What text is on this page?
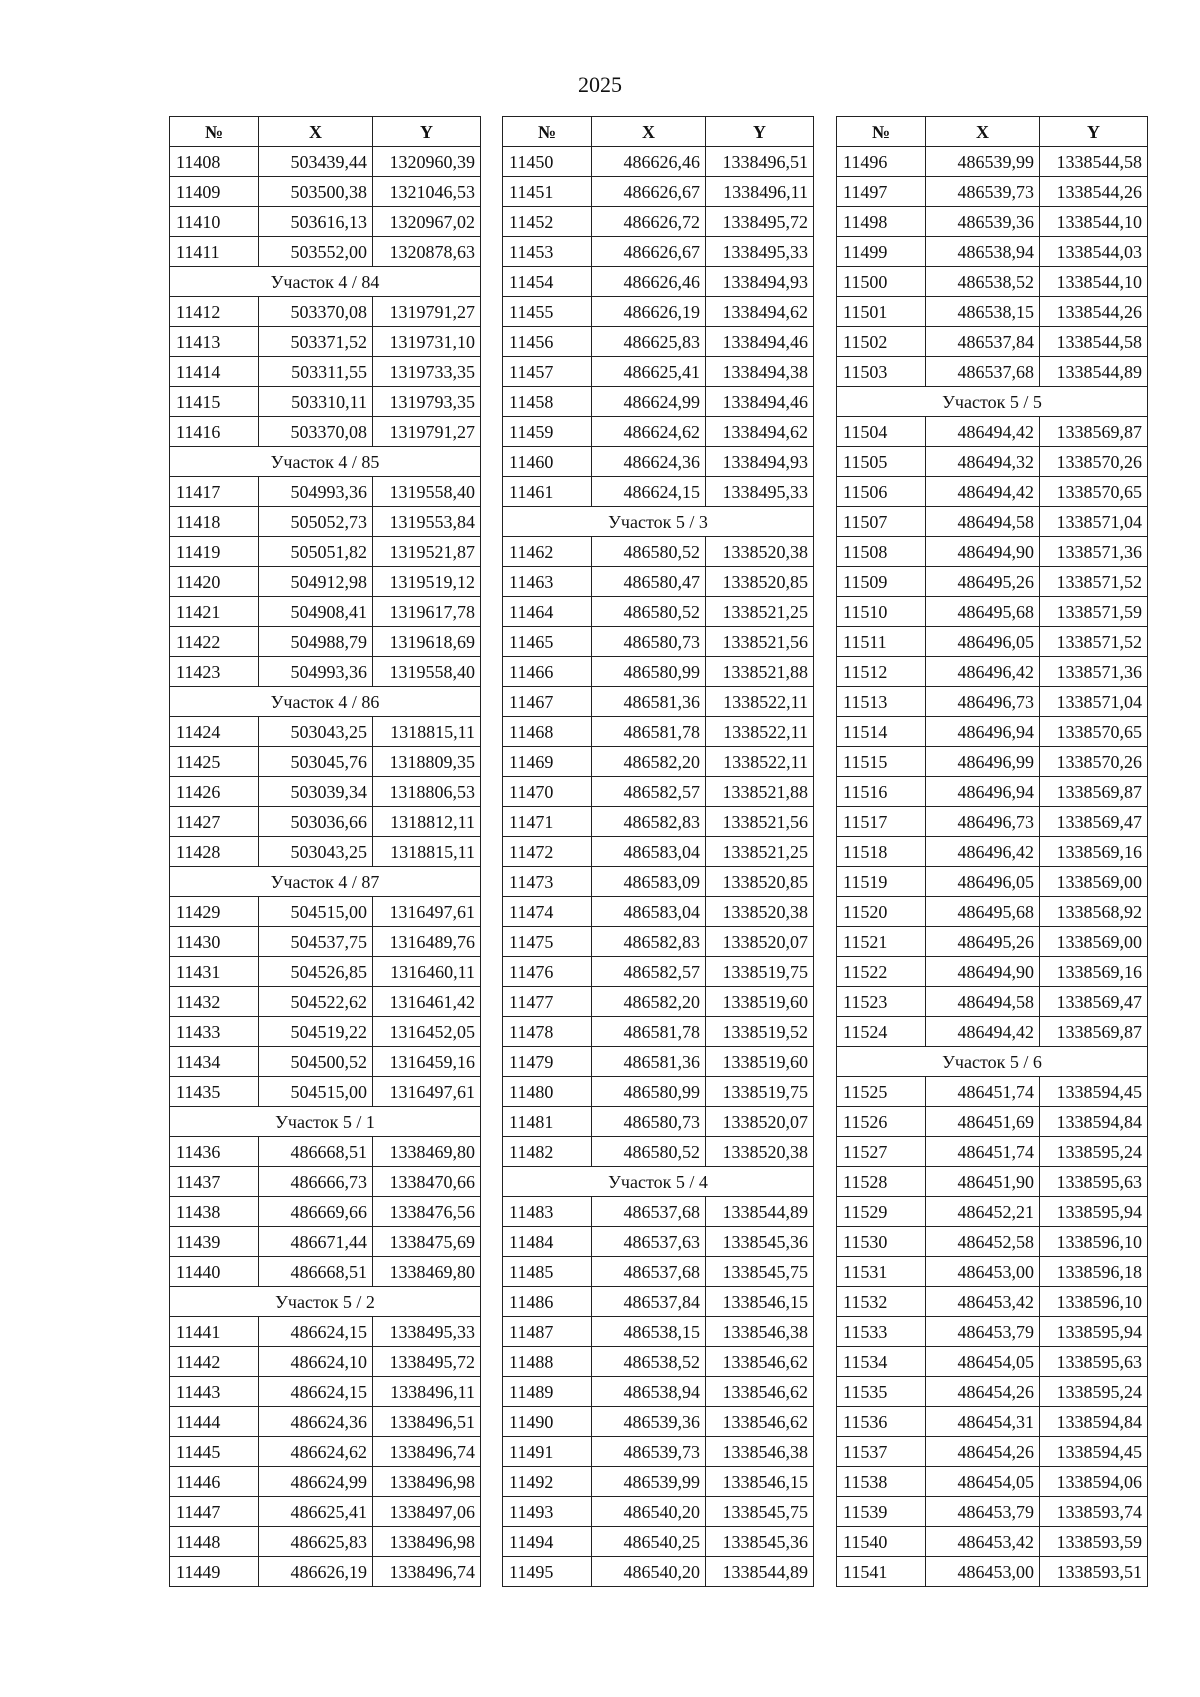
2025
№	X	Y
11408	503439,44	1320960,39
11409	503500,38	1321046,53
11410	503616,13	1320967,02
11411	503552,00	1320878,63
Участок 4 / 84		
11412	503370,08	1319791,27
11413	503371,52	1319731,10
11414	503311,55	1319733,35
11415	503310,11	1319793,35
11416	503370,08	1319791,27
Участок 4 / 85		
11417	504993,36	1319558,40
11418	505052,73	1319553,84
11419	505051,82	1319521,87
11420	504912,98	1319519,12
11421	504908,41	1319617,78
11422	504988,79	1319618,69
11423	504993,36	1319558,40
Участок 4 / 86		
11424	503043,25	1318815,11
11425	503045,76	1318809,35
11426	503039,34	1318806,53
11427	503036,66	1318812,11
11428	503043,25	1318815,11
Участок 4 / 87		
11429	504515,00	1316497,61
11430	504537,75	1316489,76
11431	504526,85	1316460,11
11432	504522,62	1316461,42
11433	504519,22	1316452,05
11434	504500,52	1316459,16
11435	504515,00	1316497,61
Участок 5 / 1		
11436	486668,51	1338469,80
11437	486666,73	1338470,66
11438	486669,66	1338476,56
11439	486671,44	1338475,69
11440	486668,51	1338469,80
Участок 5 / 2		
11441	486624,15	1338495,33
11442	486624,10	1338495,72
11443	486624,15	1338496,11
11444	486624,36	1338496,51
11445	486624,62	1338496,74
11446	486624,99	1338496,98
11447	486625,41	1338497,06
11448	486625,83	1338496,98
11449	486626,19	1338496,74
№	X	Y
11450	486626,46	1338496,51
11451	486626,67	1338496,11
11452	486626,72	1338495,72
11453	486626,67	1338495,33
11454	486626,46	1338494,93
11455	486626,19	1338494,62
11456	486625,83	1338494,46
11457	486625,41	1338494,38
11458	486624,99	1338494,46
11459	486624,62	1338494,62
11460	486624,36	1338494,93
11461	486624,15	1338495,33
Участок 5 / 3		
11462	486580,52	1338520,38
11463	486580,47	1338520,85
11464	486580,52	1338521,25
11465	486580,73	1338521,56
11466	486580,99	1338521,88
11467	486581,36	1338522,11
11468	486581,78	1338522,11
11469	486582,20	1338522,11
11470	486582,57	1338521,88
11471	486582,83	1338521,56
11472	486583,04	1338521,25
11473	486583,09	1338520,85
11474	486583,04	1338520,38
11475	486582,83	1338520,07
11476	486582,57	1338519,75
11477	486582,20	1338519,60
11478	486581,78	1338519,52
11479	486581,36	1338519,60
11480	486580,99	1338519,75
11481	486580,73	1338520,07
11482	486580,52	1338520,38
Участок 5 / 4		
11483	486537,68	1338544,89
11484	486537,63	1338545,36
11485	486537,68	1338545,75
11486	486537,84	1338546,15
11487	486538,15	1338546,38
11488	486538,52	1338546,62
11489	486538,94	1338546,62
11490	486539,36	1338546,62
11491	486539,73	1338546,38
11492	486539,99	1338546,15
11493	486540,20	1338545,75
11494	486540,25	1338545,36
11495	486540,20	1338544,89
№	X	Y
11496	486539,99	1338544,58
11497	486539,73	1338544,26
11498	486539,36	1338544,10
11499	486538,94	1338544,03
11500	486538,52	1338544,10
11501	486538,15	1338544,26
11502	486537,84	1338544,58
11503	486537,68	1338544,89
Участок 5 / 5		
11504	486494,42	1338569,87
11505	486494,32	1338570,26
11506	486494,42	1338570,65
11507	486494,58	1338571,04
11508	486494,90	1338571,36
11509	486495,26	1338571,52
11510	486495,68	1338571,59
11511	486496,05	1338571,52
11512	486496,42	1338571,36
11513	486496,73	1338571,04
11514	486496,94	1338570,65
11515	486496,99	1338570,26
11516	486496,94	1338569,87
11517	486496,73	1338569,47
11518	486496,42	1338569,16
11519	486496,05	1338569,00
11520	486495,68	1338568,92
11521	486495,26	1338569,00
11522	486494,90	1338569,16
11523	486494,58	1338569,47
11524	486494,42	1338569,87
Участок 5 / 6		
11525	486451,74	1338594,45
11526	486451,69	1338594,84
11527	486451,74	1338595,24
11528	486451,90	1338595,63
11529	486452,21	1338595,94
11530	486452,58	1338596,10
11531	486453,00	1338596,18
11532	486453,42	1338596,10
11533	486453,79	1338595,94
11534	486454,05	1338595,63
11535	486454,26	1338595,24
11536	486454,31	1338594,84
11537	486454,26	1338594,45
11538	486454,05	1338594,06
11539	486453,79	1338593,74
11540	486453,42	1338593,59
11541	486453,00	1338593,51
